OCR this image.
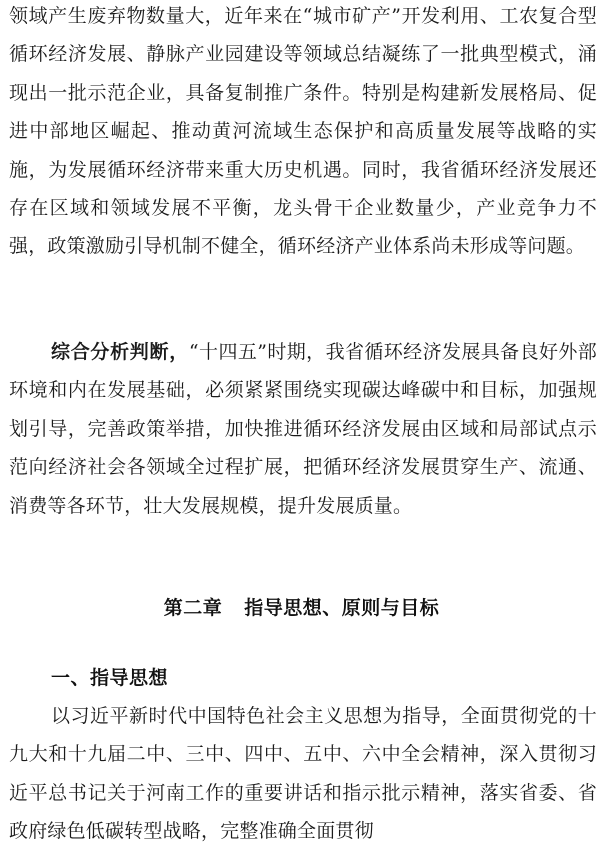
领域产生废弃物数量大，近年来在“城市矿产”开发利用、工农复合型循环经济发展、静脉产业园建设等领域总结凝练了一批典型模式，涌现出一批示范企业，具备复制推广条件。特别是构建新发展格局、促进中部地区崛起、推动黄河流域生态保护和高质量发展等战略的实施，为发展循环经济带来重大历史机遇。同时，我省循环经济发展还存在区域和领域发展不平衡，龙头骨干企业数量少，产业竞争力不强，政策激励引导机制不健全，循环经济产业体系尚未形成等问题。

综合分析判断，“十四五”时期，我省循环经济发展具备良好外部环境和内在发展基础，必须紧紧围绕实现碳达峰碳中和目标，加强规划引导，完善政策举措，加快推进循环经济发展由区域和局部试点示范向经济社会各领域全过程扩展，把循环经济发展贯穿生产、流通、消费等各环节，壮大发展规模，提升发展质量。

第二章 指导思想、原则与目标
一、指导思想

以习近平新时代中国特色社会主义思想为指导，全面贯彻党的十九大和十九届二中、三中、四中、五中、六中全会精神，深入贯彻习近平总书记关于河南工作的重要讲话和指示批示精神，落实省委、省政府绿色低碳转型战略，完整准确全面贯彻
